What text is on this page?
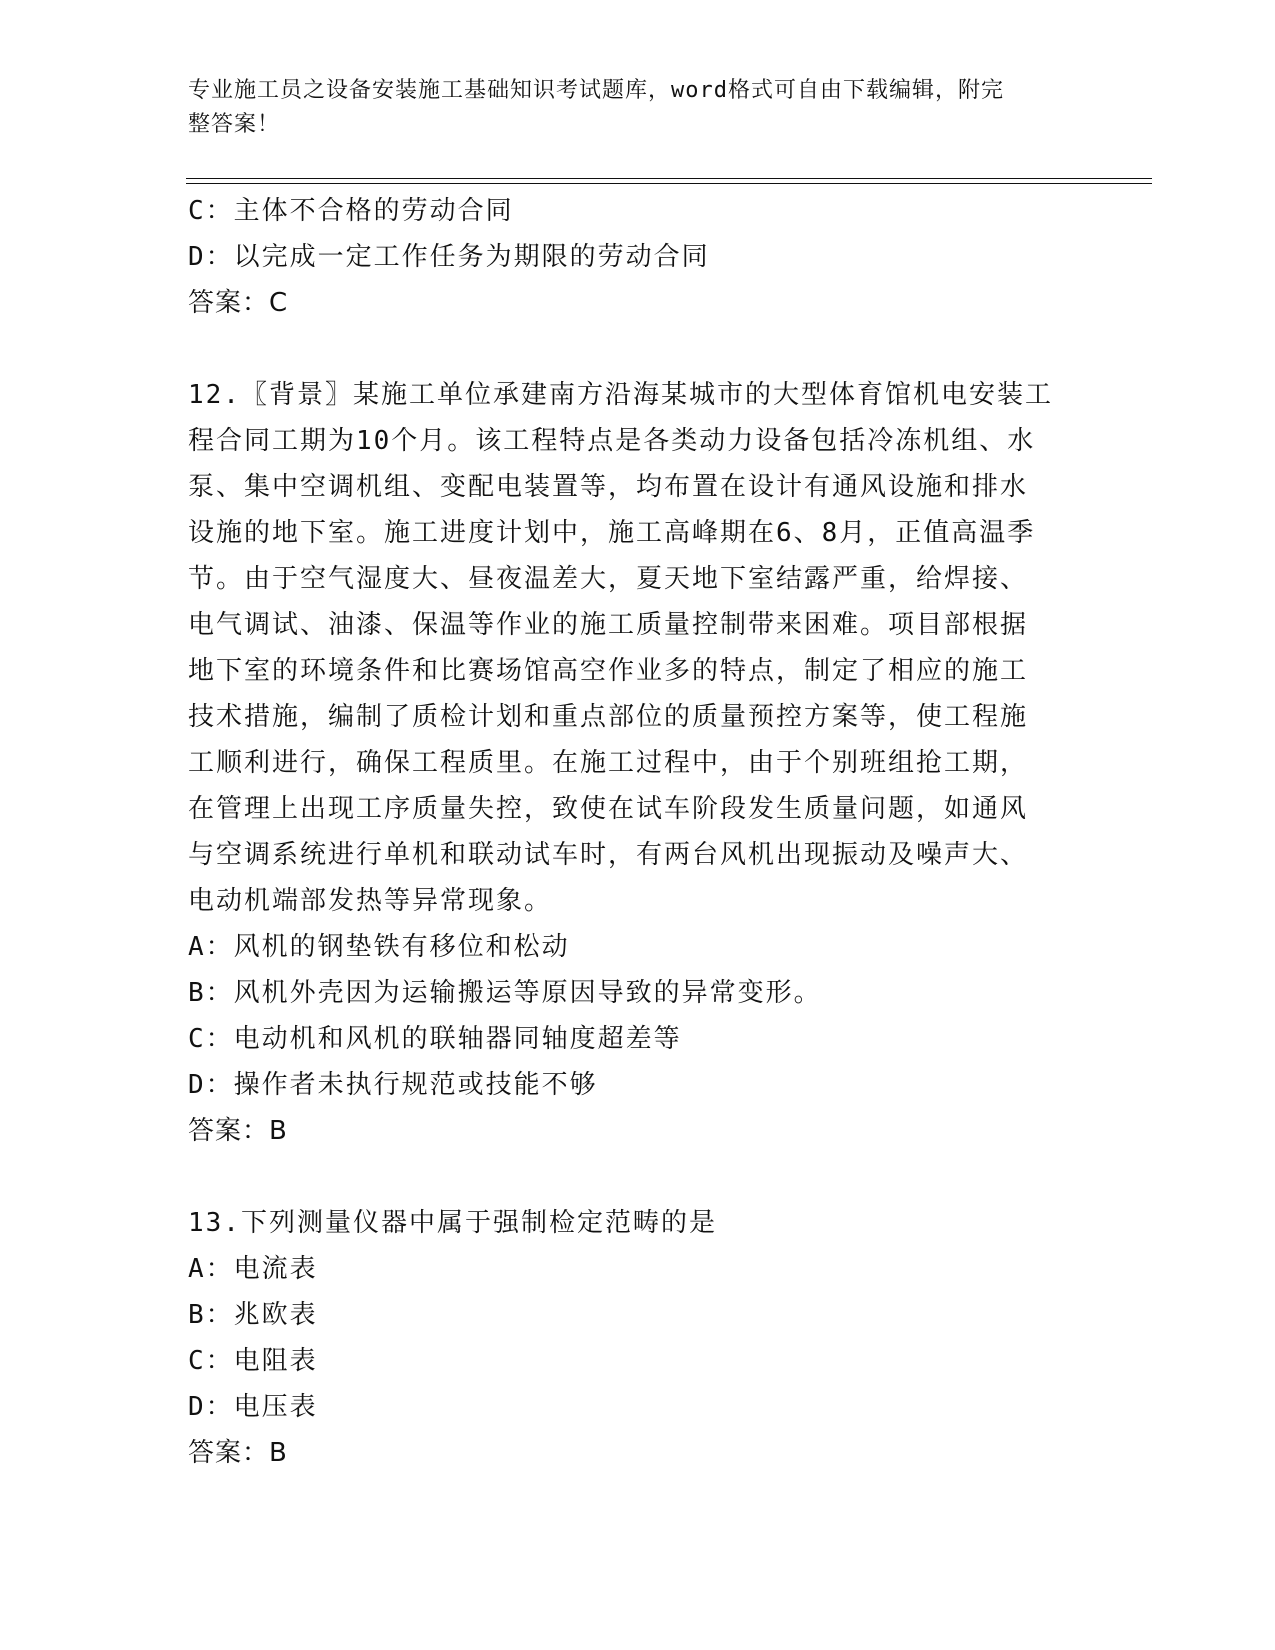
专业施工员之设备安装施工基础知识考试题库，word格式可自由下载编辑，附完
整答案！
C：主体不合格的劳动合同
D：以完成一定工作任务为期限的劳动合同
答案：C
12.〖背景〗某施工单位承建南方沿海某城市的大型体育馆机电安装工
程合同工期为10个月。该工程特点是各类动力设备包括冷冻机组、水
泵、集中空调机组、变配电装置等，均布置在设计有通风设施和排水
设施的地下室。施工进度计划中，施工高峰期在6、8月，正值高温季
节。由于空气湿度大、昼夜温差大，夏天地下室结露严重，给焊接、
电气调试、油漆、保温等作业的施工质量控制带来困难。项目部根据
地下室的环境条件和比赛场馆高空作业多的特点，制定了相应的施工
技术措施，编制了质检计划和重点部位的质量预控方案等，使工程施
工顺利进行，确保工程质里。在施工过程中，由于个别班组抢工期，
在管理上出现工序质量失控，致使在试车阶段发生质量问题，如通风
与空调系统进行单机和联动试车时，有两台风机出现振动及噪声大、
电动机端部发热等异常现象。
A：风机的钢垫铁有移位和松动
B：风机外壳因为运输搬运等原因导致的异常变形。
C：电动机和风机的联轴器同轴度超差等
D：操作者未执行规范或技能不够
答案：B
13.下列测量仪器中属于强制检定范畴的是
A：电流表
B：兆欧表
C：电阻表
D：电压表
答案：B
